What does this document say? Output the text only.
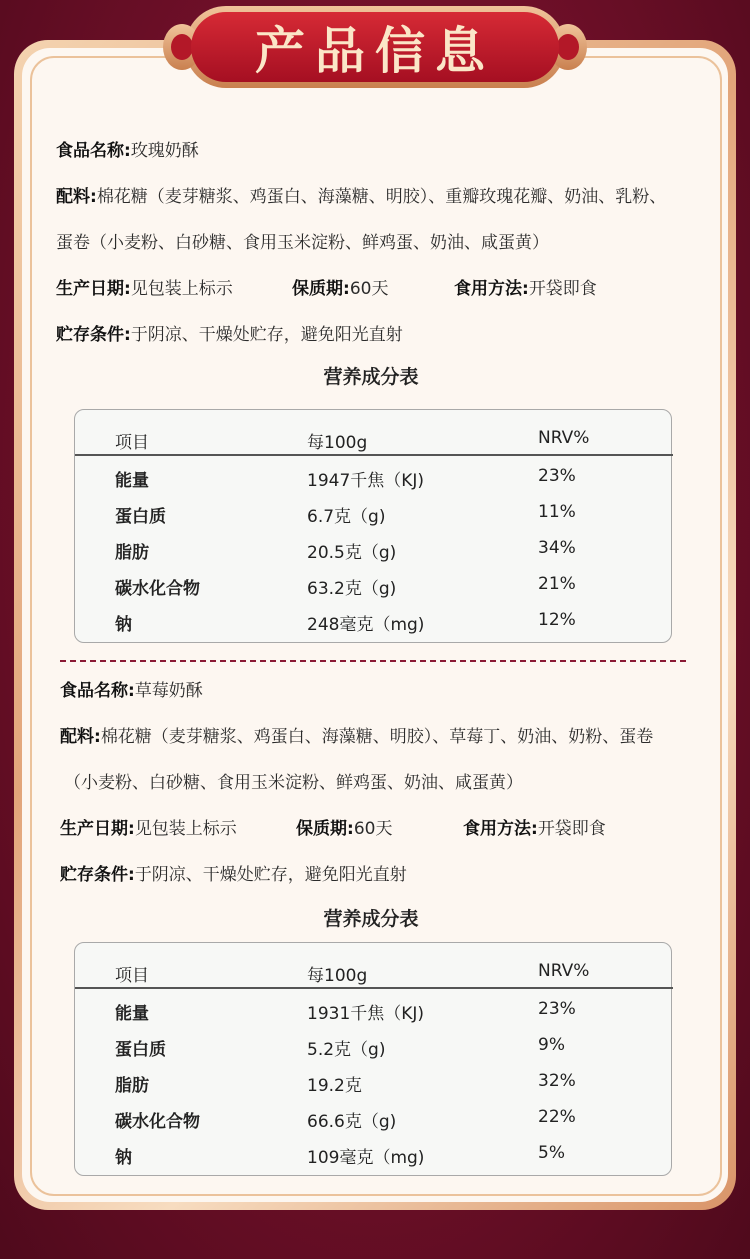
产品信息
食品名称:玫瑰奶酥
配料:棉花糖（麦芽糖浆、鸡蛋白、海藻糖、明胶）、重瓣玫瑰花瓣、奶油、乳粉、
蛋卷（小麦粉、白砂糖、食用玉米淀粉、鲜鸡蛋、奶油、咸蛋黄）
生产日期:见包装上标示	保质期:60天	食用方法:开袋即食
贮存条件:于阴凉、干燥处贮存，避免阳光直射
营养成分表
项目	每100g	NRV%
能量	1947千焦（KJ)	23%
蛋白质	6.7克（g)	11%
脂肪	20.5克（g)	34%
碳水化合物	63.2克（g)	21%
钠	248毫克（mg)	12%
食品名称:草莓奶酥
配料:棉花糖（麦芽糖浆、鸡蛋白、海藻糖、明胶）、草莓丁、奶油、奶粉、蛋卷
（小麦粉、白砂糖、食用玉米淀粉、鲜鸡蛋、奶油、咸蛋黄）
生产日期:见包装上标示	保质期:60天	食用方法:开袋即食
贮存条件:于阴凉、干燥处贮存，避免阳光直射
营养成分表
项目	每100g	NRV%
能量	1931千焦（KJ)	23%
蛋白质	5.2克（g)	9%
脂肪	19.2克	32%
碳水化合物	66.6克（g)	22%
钠	109毫克（mg)	5%
